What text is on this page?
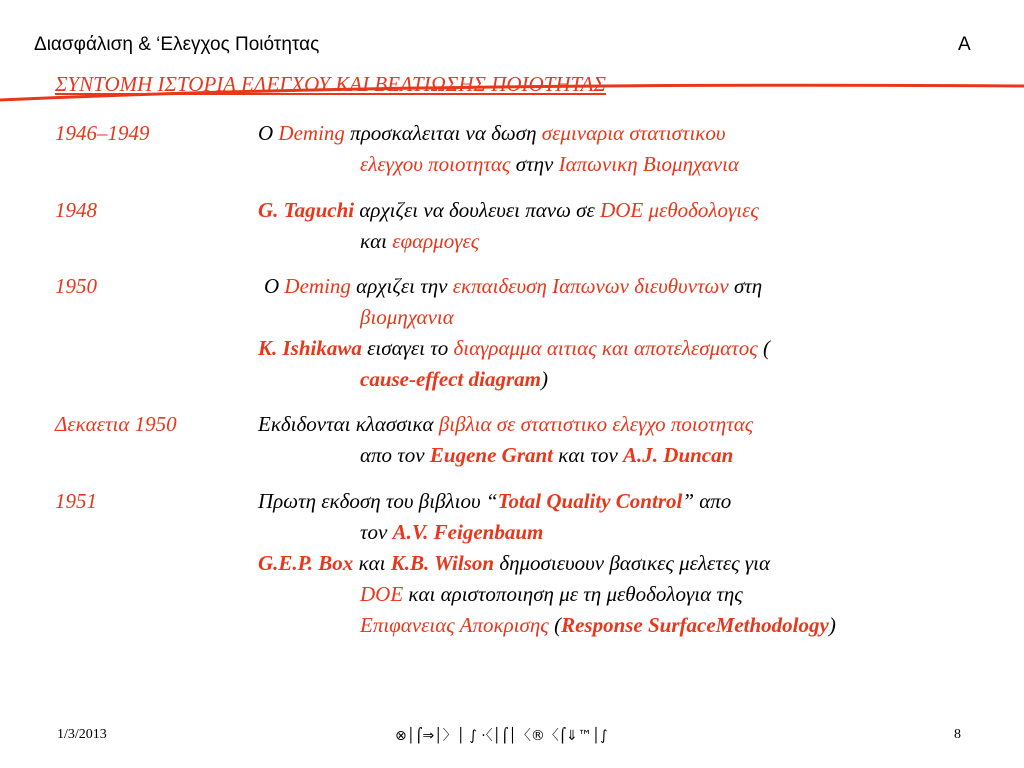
Διασφάλιση & ‘Ελεγχος Ποιότητας	A
ΣΥΝΤΟΜΗ ΙΣΤΟΡΙΑ ΕΛΕΓΧΟΥ ΚΑΙ ΒΕΛΤΙΩΣΗΣ ΠΟΙΟΤΗΤΑΣ
1946–1949	Ο Deming προσκαλειται να δωση σεμιναρια στατιστικου
ελεγχου ποιοτητας στην Ιαπωνικη Βιομηχανια
1948	G. Taguchi αρχιζει να δουλευει πανω σε DOE μεθοδολογιες
και εφαρμογες
1950	Ο Deming αρχιζει την εκπαιδευση Ιαπωνων διευθυντων στη
βιομηχανια
K. Ishikawa εισαγει το διαγραμμα αιτιας και αποτελεσματος (
cause-effect diagram)
Δεκαετια 1950	Εκδιδονται κλασσικα βιβλια σε στατιστικο ελεγχο ποιοτητας
απο τον Eugene Grant και τον A.J. Duncan
1951	Πρωτη εκδοση του βιβλιου “Total Quality Control” απο
τον A.V. Feigenbaum
G.E.P. Box και K.B. Wilson δημοσιευουν βασικες μελετες για
DOE και αριστοποιηση με τη μεθοδολογια της
Επιφανειας Αποκρισης (Response SurfaceMethodology)
1/3/2013	⊗│⌠⇒│〉│ ∫ ·〈│⌠│〈®〈⌠⇓™│∫	8
